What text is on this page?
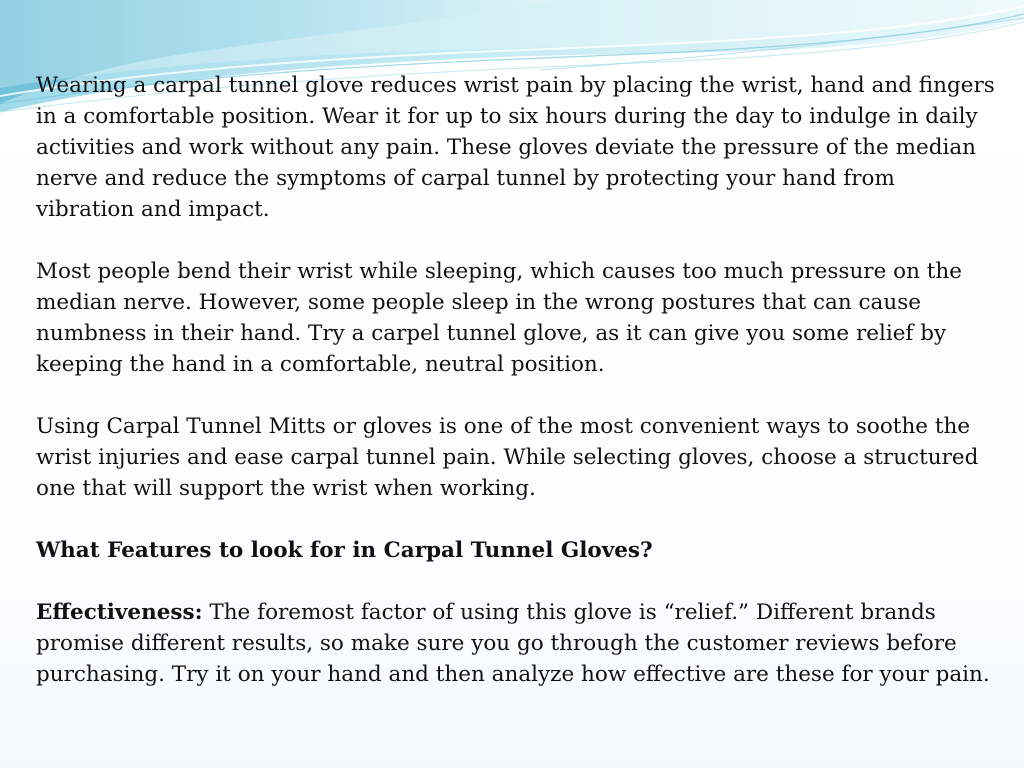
Wearing a carpal tunnel glove reduces wrist pain by placing the wrist, hand and fingers in a comfortable position. Wear it for up to six hours during the day to indulge in daily activities and work without any pain. These gloves deviate the pressure of the median nerve and reduce the symptoms of carpal tunnel by protecting your hand from vibration and impact.

Most people bend their wrist while sleeping, which causes too much pressure on the median nerve. However, some people sleep in the wrong postures that can cause numbness in their hand. Try a carpel tunnel glove, as it can give you some relief by keeping the hand in a comfortable, neutral position.

Using Carpal Tunnel Mitts or gloves is one of the most convenient ways to soothe the wrist injuries and ease carpal tunnel pain. While selecting gloves, choose a structured one that will support the wrist when working.

What Features to look for in Carpal Tunnel Gloves?

Effectiveness: The foremost factor of using this glove is “relief.” Different brands promise different results, so make sure you go through the customer reviews before purchasing. Try it on your hand and then analyze how effective are these for your pain.
